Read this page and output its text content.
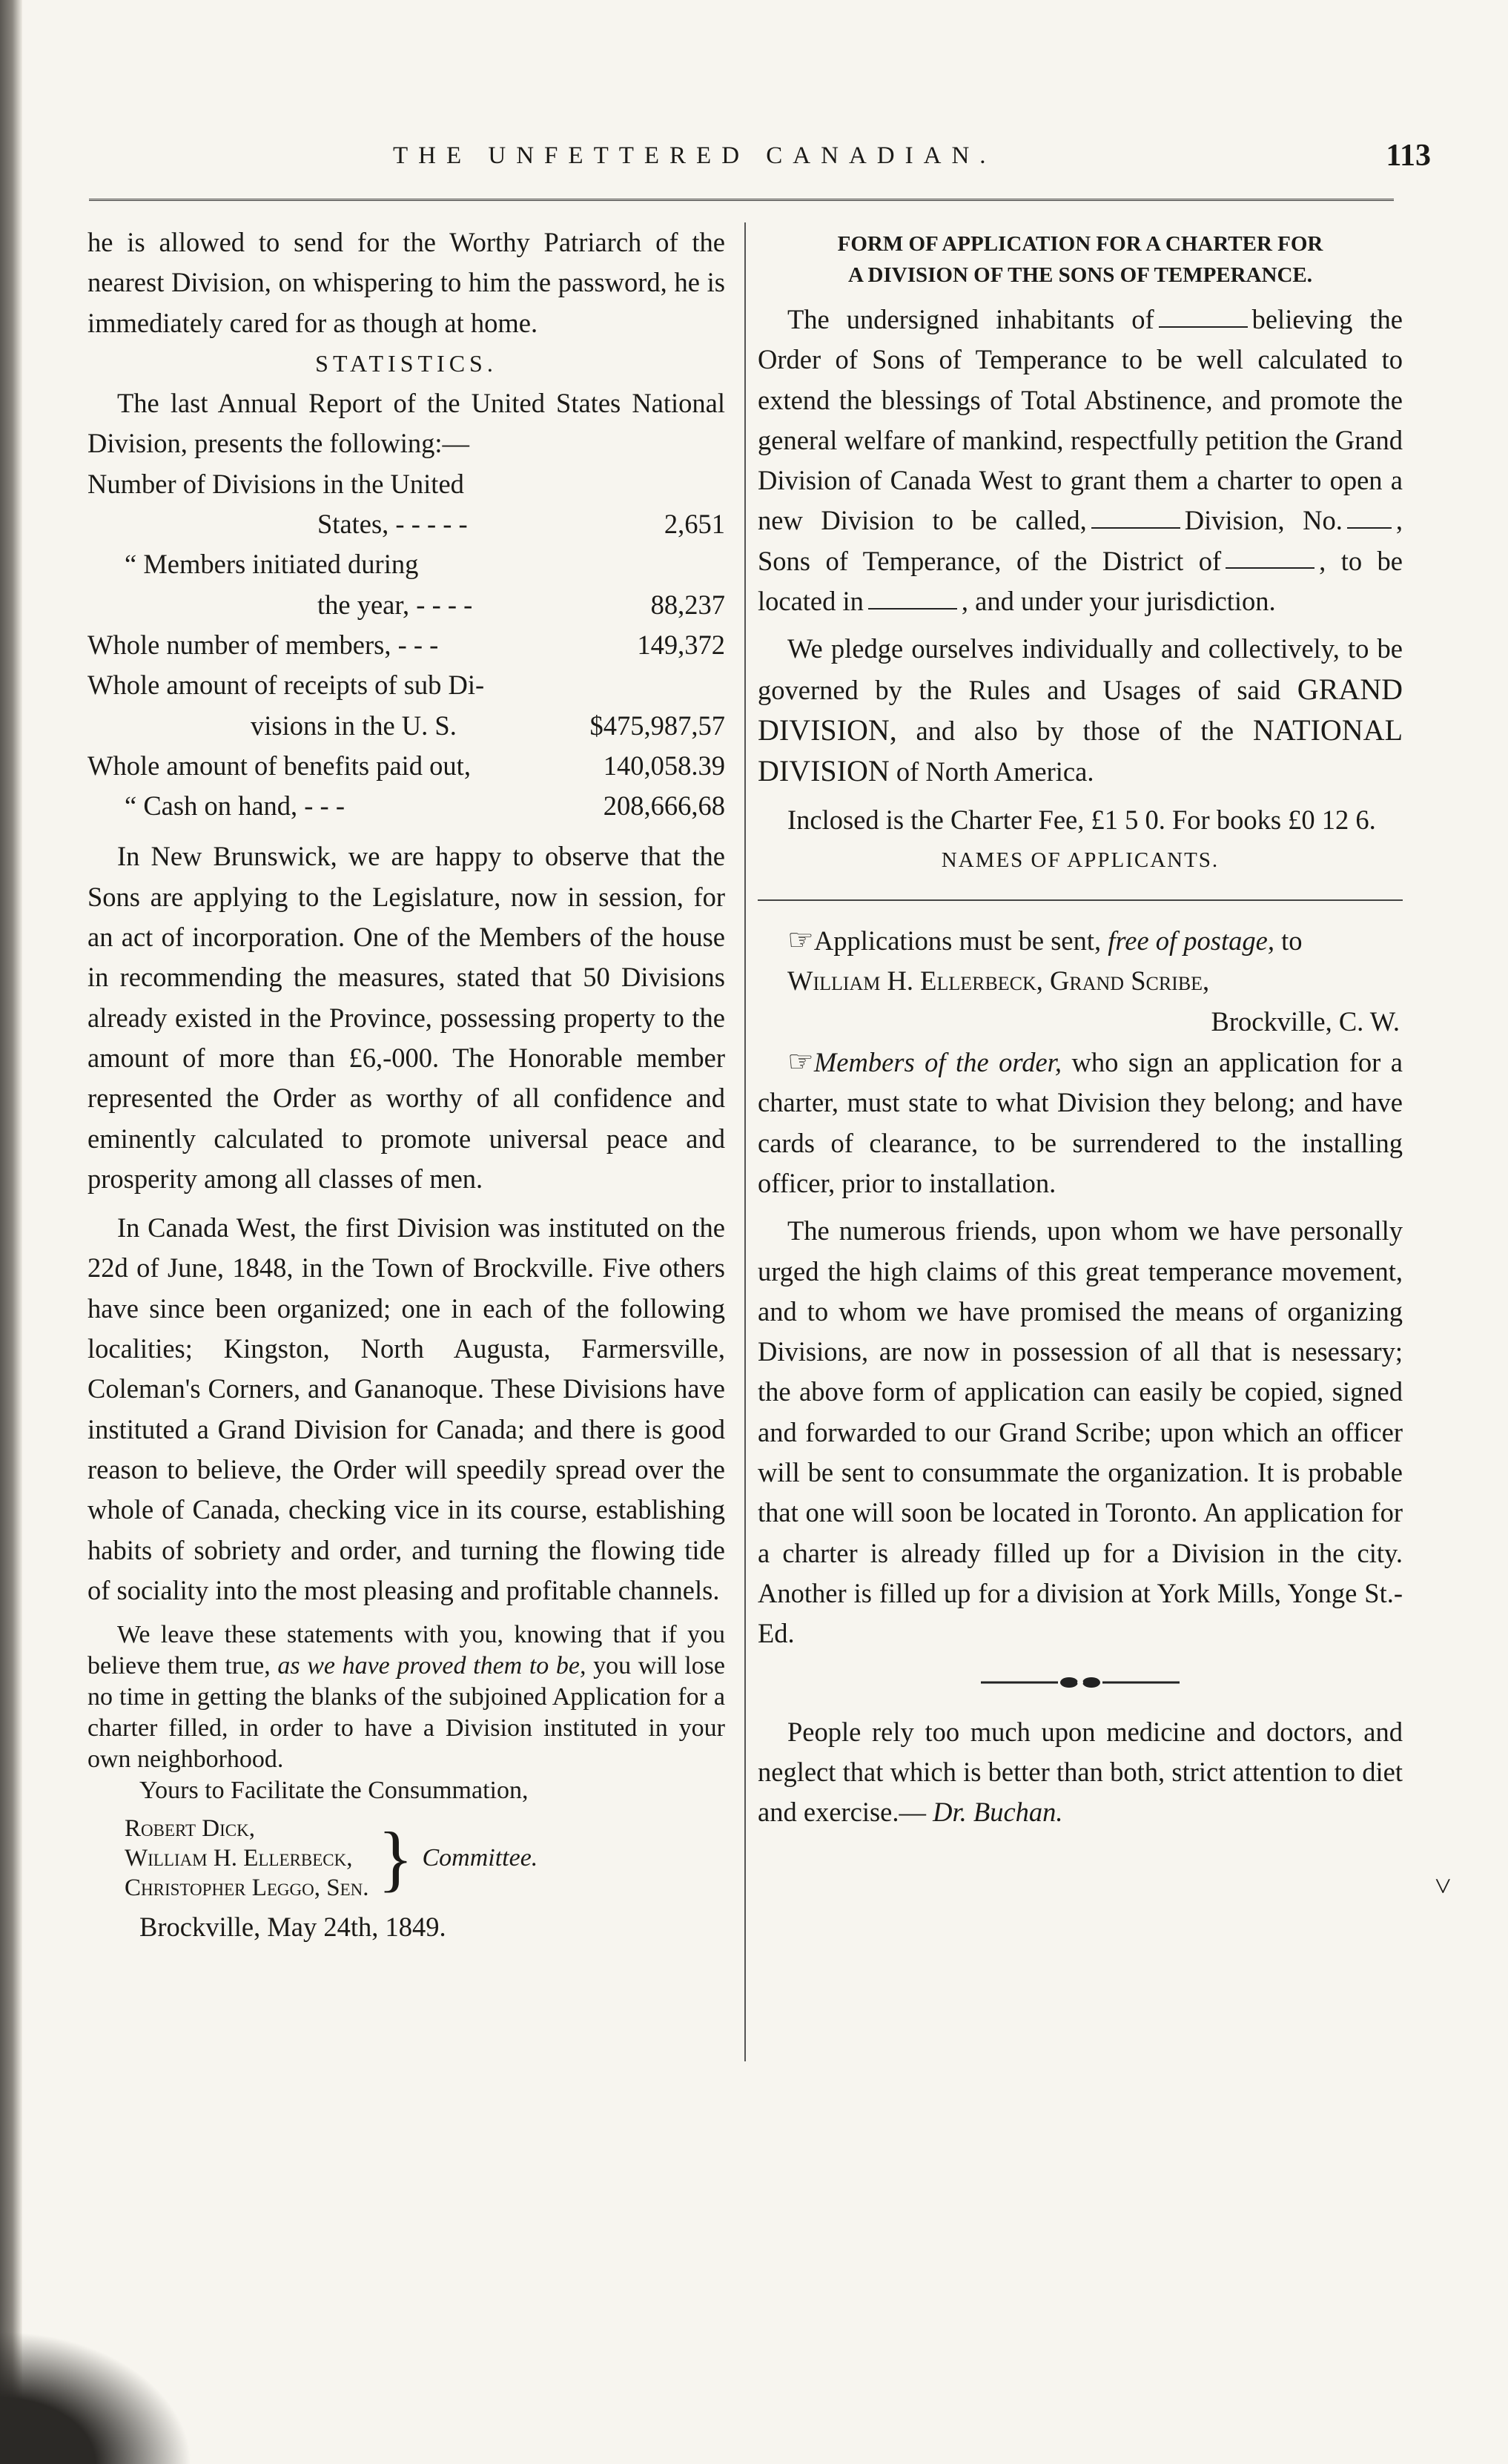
THE UNFETTERED CANADIAN.	113

he is allowed to send for the Worthy Patriarch of the nearest Division, on whispering to him the password, he is immediately cared for as though at home.

STATISTICS.

The last Annual Report of the United States National Division, presents the following:—

Number of Divisions in the United
States, - - - - -	2,651
“ Members initiated during
the year, - - - -	88,237
Whole number of members, - - -	149,372
Whole amount of receipts of sub Di-
visions in the U. S.	$475,987,57
Whole amount of benefits paid out,	140,058.39
“ Cash on hand, - - -	208,666,68

In New Brunswick, we are happy to observe that the Sons are applying to the Legislature, now in session, for an act of incorporation. One of the Members of the house in recommending the measures, stated that 50 Divisions already existed in the Province, possessing property to the amount of more than £6,-000. The Honorable member represented the Order as worthy of all confidence and eminently calculated to promote universal peace and prosperity among all classes of men.

In Canada West, the first Division was instituted on the 22d of June, 1848, in the Town of Brockville. Five others have since been organized; one in each of the following localities; Kingston, North Augusta, Farmersville, Coleman's Corners, and Gananoque. These Divisions have instituted a Grand Division for Canada; and there is good reason to believe, the Order will speedily spread over the whole of Canada, checking vice in its course, establishing habits of sobriety and order, and turning the flowing tide of sociality into the most pleasing and profitable channels.

We leave these statements with you, knowing that if you believe them true, as we have proved them to be, you will lose no time in getting the blanks of the subjoined Application for a charter filled, in order to have a Division instituted in your own neighborhood.

Yours to Facilitate the Consummation,

Robert Dick,
William H. Ellerbeck,
Christopher Leggo, Sen. } Committee.

Brockville, May 24th, 1849.

FORM OF APPLICATION FOR A CHARTER FOR
A DIVISION OF THE SONS OF TEMPERANCE.

The undersigned inhabitants of	believing the Order of Sons of Temperance to be well calculated to extend the blessings of Total Abstinence, and promote the general welfare of mankind, respectfully petition the Grand Division of Canada West to grant them a charter to open a new Division to be called,	Division, No. , Sons of Temperance, of the District of	, to be located in	, and under your jurisdiction.

We pledge ourselves individually and collectively, to be governed by the Rules and Usages of said GRAND DIVISION, and also by those of the NATIONAL DIVISION of North America.

Inclosed is the Charter Fee, £1 5 0. For books £0 12 6.

NAMES OF APPLICANTS.

☞Applications must be sent, free of postage, to

William H. Ellerbeck, Grand Scribe,

Brockville, C. W.

☞Members of the order, who sign an application for a charter, must state to what Division they belong; and have cards of clearance, to be surrendered to the installing officer, prior to installation.

The numerous friends, upon whom we have personally urged the high claims of this great temperance movement, and to whom we have promised the means of organizing Divisions, are now in possession of all that is nesessary; the above form of application can easily be copied, signed and forwarded to our Grand Scribe; upon which an officer will be sent to consummate the organization. It is probable that one will soon be located in Toronto. An application for a charter is already filled up for a Division in the city. Another is filled up for a division at York Mills, Yonge St.-Ed.

People rely too much upon medicine and doctors, and neglect that which is better than both, strict attention to diet and exercise.— Dr. Buchan.

˅
